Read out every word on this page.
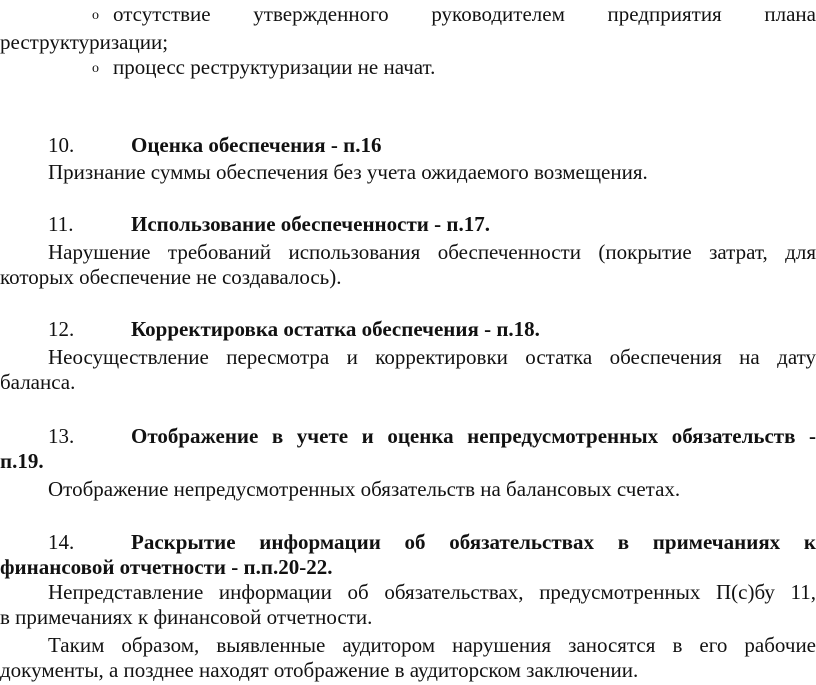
o отсутствие утвержденного руководителем предприятия плана
реструктуризации;
o процесс реструктуризации не начат.
10.	Оценка обеспечения - п.16
Признание суммы обеспечения без учета ожидаемого возмещения.
11.	Использование обеспеченности - п.17.
Нарушение требований использования обеспеченности (покрытие затрат, для
которых обеспечение не создавалось).
12.	Корректировка остатка обеспечения - п.18.
Неосуществление пересмотра и корректировки остатка обеспечения на дату
баланса.
13.	Отображение в учете и оценка непредусмотренных обязательств -
п.19.
Отображение непредусмотренных обязательств на балансовых счетах.
14.	Раскрытие информации об обязательствах в примечаниях к
финансовой отчетности - п.п.20-22.
Непредставление информации об обязательствах, предусмотренных П(с)бу 11,
в примечаниях к финансовой отчетности.
Таким образом, выявленные аудитором нарушения заносятся в его рабочие
документы, а позднее находят отображение в аудиторском заключении.
